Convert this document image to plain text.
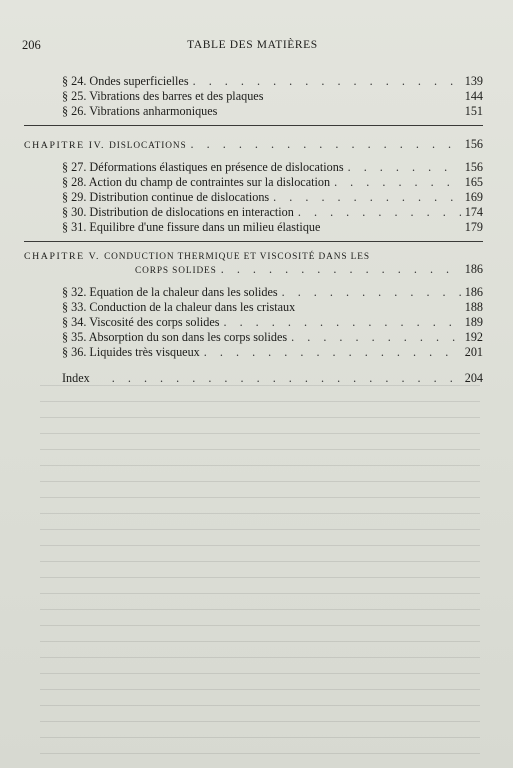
206	TABLE DES MATIÈRES
§ 24. Ondes superficielles . . .	139
§ 25. Vibrations des barres et des plaques	144
§ 26. Vibrations anharmoniques	151
CHAPITRE IV. DISLOCATIONS . . .	156
§ 27. Déformations élastiques en présence de dislocations . . .	156
§ 28. Action du champ de contraintes sur la dislocation . . .	165
§ 29. Distribution continue de dislocations . . .	169
§ 30. Distribution de dislocations en interaction . . .	174
§ 31. Equilibre d'une fissure dans un milieu élastique	179
CHAPITRE V. CONDUCTION THERMIQUE ET VISCOSITÉ DANS LES
CORPS SOLIDES . . .	186
§ 32. Equation de la chaleur dans les solides . . .	186
§ 33. Conduction de la chaleur dans les cristaux	188
§ 34. Viscosité des corps solides . . .	189
§ 35. Absorption du son dans les corps solides . . .	192
§ 36. Liquides très visqueux . . .	201
Index . . .	204
